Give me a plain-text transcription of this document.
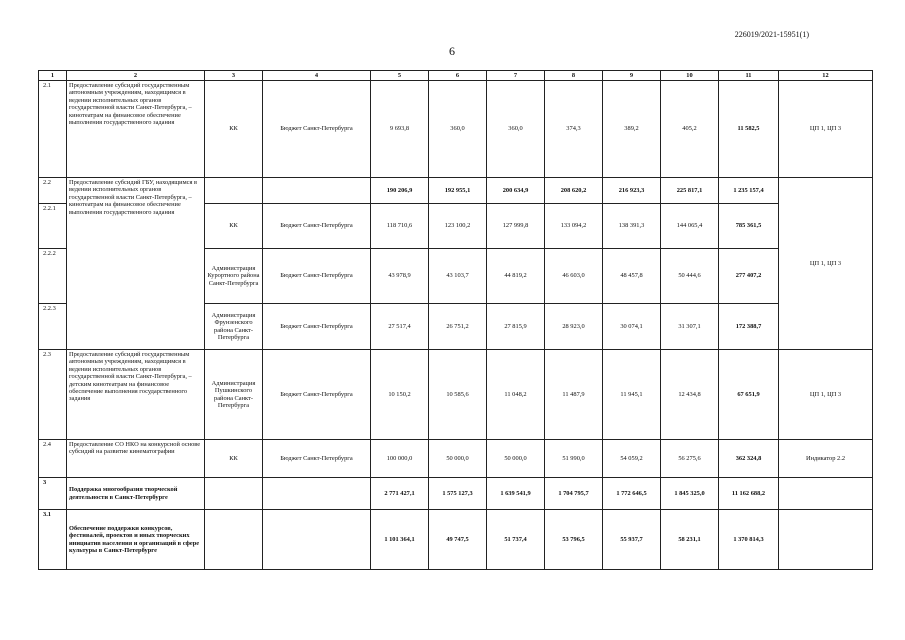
226019/2021-15951(1)
6
1	2	3	4	5	6	7	8	9	10	11	12
2.1	Предоставление субсидий государственным автономным учреждениям, находящимся в ведении исполнительных органов государственной власти Санкт-Петербурга, – кинотеатрам на финансовое обеспечение выполнения государственного задания	КК	Бюджет Санкт-Петербурга	9 693,8	360,0	360,0	374,3	389,2	405,2	11 582,5	ЦП 1, ЦП 3
2.2	Предоставление субсидий ГБУ, находящимся в ведении исполнительных органов государственной власти Санкт-Петербурга, – кинотеатрам на финансовое обеспечение выполнения государственного задания			190 206,9	192 955,1	200 634,9	208 620,2	216 923,3	225 817,1	1 235 157,4	ЦП 1, ЦП 3
2.2.1		КК	Бюджет Санкт-Петербурга	118 710,6	123 100,2	127 999,8	133 094,2	138 391,3	144 065,4	785 361,5	
2.2.2		Администрация Курортного района Санкт-Петербурга	Бюджет Санкт-Петербурга	43 978,9	43 103,7	44 819,2	46 603,0	48 457,8	50 444,6	277 407,2	
2.2.3		Администрация Фрунзенского района Санкт-Петербурга	Бюджет Санкт-Петербурга	27 517,4	26 751,2	27 815,9	28 923,0	30 074,1	31 307,1	172 388,7	
2.3	Предоставление субсидий государственным автономным учреждениям, находящимся в ведении исполнительных органов государственной власти Санкт-Петербурга, – детским кинотеатрам на финансовое обеспечение выполнения государственного задания	Администрация Пушкинского района Санкт-Петербурга	Бюджет Санкт-Петербурга	10 150,2	10 585,6	11 048,2	11 487,9	11 945,1	12 434,8	67 651,9	ЦП 1, ЦП 3
2.4	Предоставление СО НКО на конкурсной основе субсидий на развитие кинематографии	КК	Бюджет Санкт-Петербурга	100 000,0	50 000,0	50 000,0	51 990,0	54 059,2	56 275,6	362 324,8	Индикатор 2.2
3	Поддержка многообразия творческой деятельности в Санкт-Петербурге			2 771 427,1	1 575 127,3	1 639 541,9	1 704 795,7	1 772 646,5	1 845 325,0	11 162 688,2	
3.1	Обеспечение поддержки конкурсов, фестивалей, проектов и иных творческих инициатив населения и организаций в сфере культуры в Санкт-Петербурге			1 101 364,1	49 747,5	51 737,4	53 796,5	55 937,7	58 231,1	1 370 814,3	
